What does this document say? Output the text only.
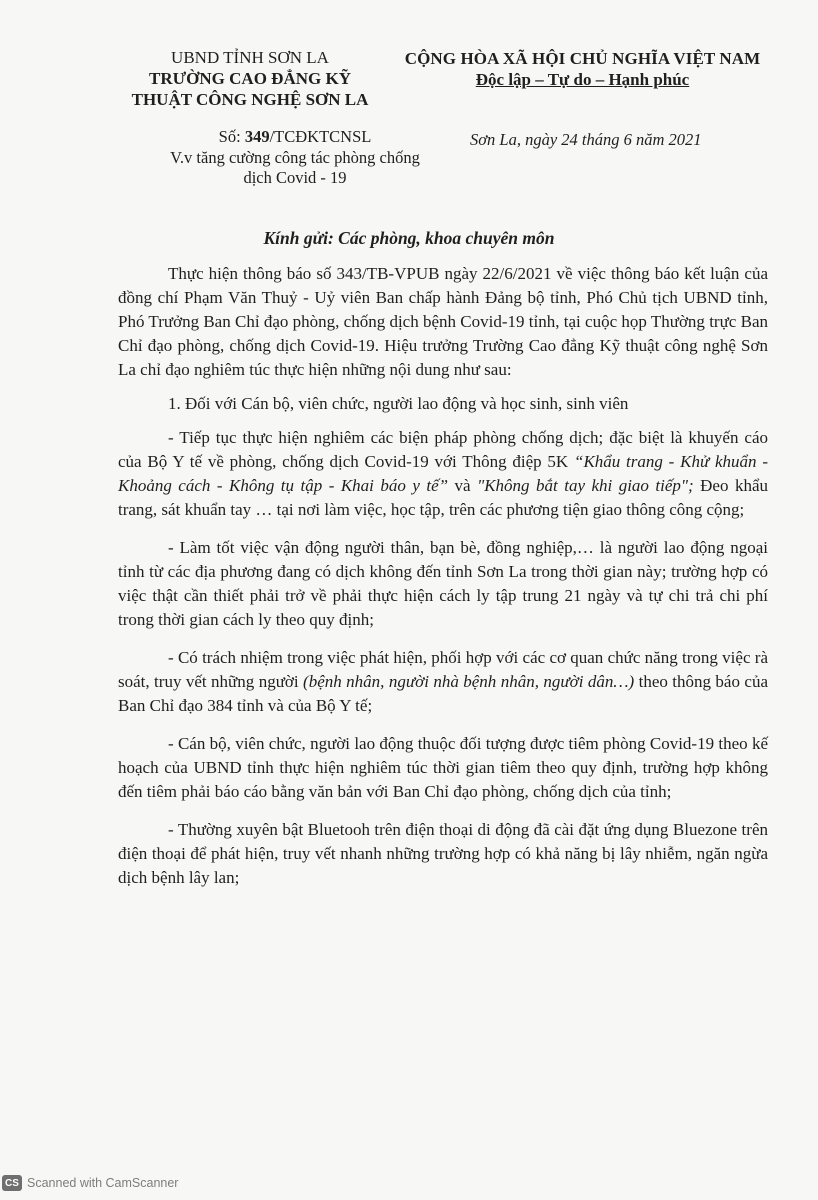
UBND TỈNH SƠN LA
TRƯỜNG CAO ĐẲNG KỸ
THUẬT CÔNG NGHỆ SƠN LA
CỘNG HÒA XÃ HỘI CHỦ NGHĨA VIỆT NAM
Độc lập – Tự do – Hạnh phúc
Số: 349/TCĐKTCNSL
V.v tăng cường công tác phòng chống
dịch Covid - 19
Sơn La, ngày 24 tháng 6 năm 2021
Kính gửi: Các phòng, khoa chuyên môn

Thực hiện thông báo số 343/TB-VPUB ngày 22/6/2021 về việc thông báo kết luận của đồng chí Phạm Văn Thuỷ - Uỷ viên Ban chấp hành Đảng bộ tỉnh, Phó Chủ tịch UBND tỉnh, Phó Trưởng Ban Chỉ đạo phòng, chống dịch bệnh Covid-19 tỉnh, tại cuộc họp Thường trực Ban Chỉ đạo phòng, chống dịch Covid-19. Hiệu trưởng Trường Cao đẳng Kỹ thuật công nghệ Sơn La chỉ đạo nghiêm túc thực hiện những nội dung như sau:

1. Đối với Cán bộ, viên chức, người lao động và học sinh, sinh viên

- Tiếp tục thực hiện nghiêm các biện pháp phòng chống dịch; đặc biệt là khuyến cáo của Bộ Y tế về phòng, chống dịch Covid-19 với Thông điệp 5K “Khẩu trang - Khử khuẩn - Khoảng cách - Không tụ tập - Khai báo y tế” và "Không bắt tay khi giao tiếp"; Đeo khẩu trang, sát khuẩn tay … tại nơi làm việc, học tập, trên các phương tiện giao thông công cộng;

- Làm tốt việc vận động người thân, bạn bè, đồng nghiệp,… là người lao động ngoại tỉnh từ các địa phương đang có dịch không đến tỉnh Sơn La trong thời gian này; trường hợp có việc thật cần thiết phải trở về phải thực hiện cách ly tập trung 21 ngày và tự chi trả chi phí trong thời gian cách ly theo quy định;

- Có trách nhiệm trong việc phát hiện, phối hợp với các cơ quan chức năng trong việc rà soát, truy vết những người (bệnh nhân, người nhà bệnh nhân, người dân…) theo thông báo của Ban Chỉ đạo 384 tỉnh và của Bộ Y tế;

- Cán bộ, viên chức, người lao động thuộc đối tượng được tiêm phòng Covid-19 theo kế hoạch của UBND tỉnh thực hiện nghiêm túc thời gian tiêm theo quy định, trường hợp không đến tiêm phải báo cáo bằng văn bản với Ban Chỉ đạo phòng, chống dịch của tỉnh;

- Thường xuyên bật Bluetooh trên điện thoại di động đã cài đặt ứng dụng Bluezone trên điện thoại để phát hiện, truy vết nhanh những trường hợp có khả năng bị lây nhiễm, ngăn ngừa dịch bệnh lây lan;

CS Scanned with CamScanner
